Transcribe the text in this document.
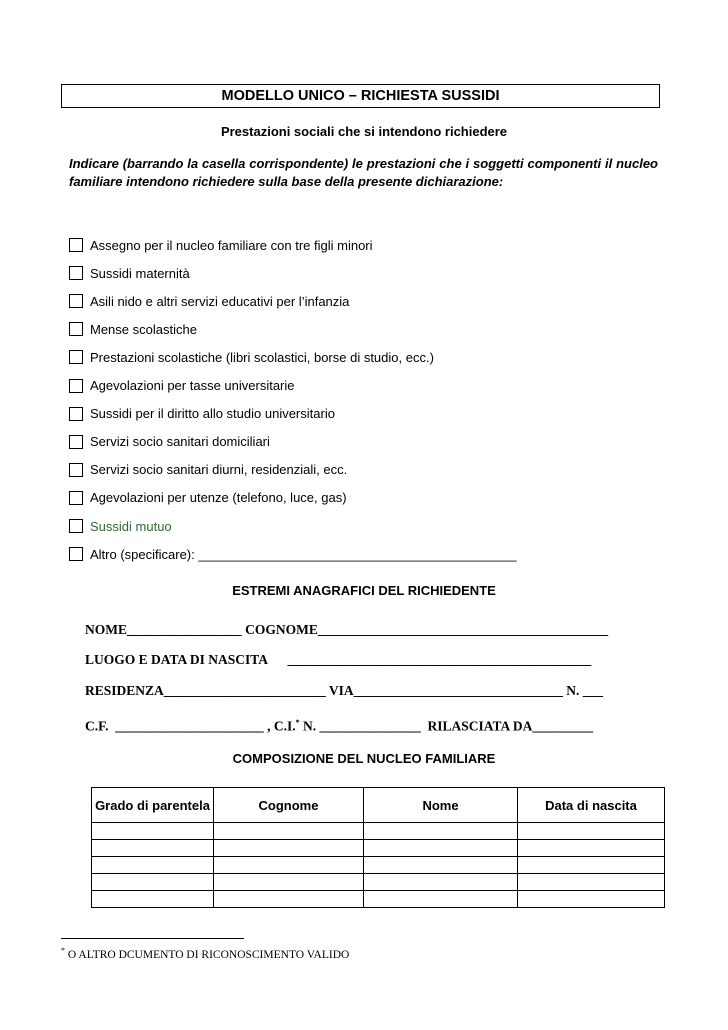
MODELLO UNICO – RICHIESTA SUSSIDI
Prestazioni sociali che si intendono richiedere

Indicare (barrando la casella corrispondente) le prestazioni che i soggetti componenti il nucleo familiare intendono richiedere sulla base della presente dichiarazione:

Assegno per il nucleo familiare con tre figli minori
Sussidi maternità
Asili nido e altri servizi educativi per l’infanzia
Mense scolastiche
Prestazioni scolastiche (libri scolastici, borse di studio, ecc.)
Agevolazioni per tasse universitarie
Sussidi per il diritto allo studio universitario
Servizi socio sanitari domiciliari
Servizi socio sanitari diurni, residenziali, ecc.
Agevolazioni per utenze (telefono, luce, gas)
Sussidi mutuo
Altro (specificare): ____________________________________________
ESTREMI ANAGRAFICI DEL RICHIEDENTE
NOME_________________ COGNOME___________________________________________
LUOGO E DATA DI NASCITA      _____________________________________________
RESIDENZA________________________ VIA_______________________________ N. ___
C.F.  ______________________ , C.I.* N. _______________  RILASCIATA DA_________
COMPOSIZIONE DEL NUCLEO FAMILIARE
Grado di parentela	Cognome	Nome	Data di nascita

* O ALTRO DCUMENTO DI RICONOSCIMENTO VALIDO
